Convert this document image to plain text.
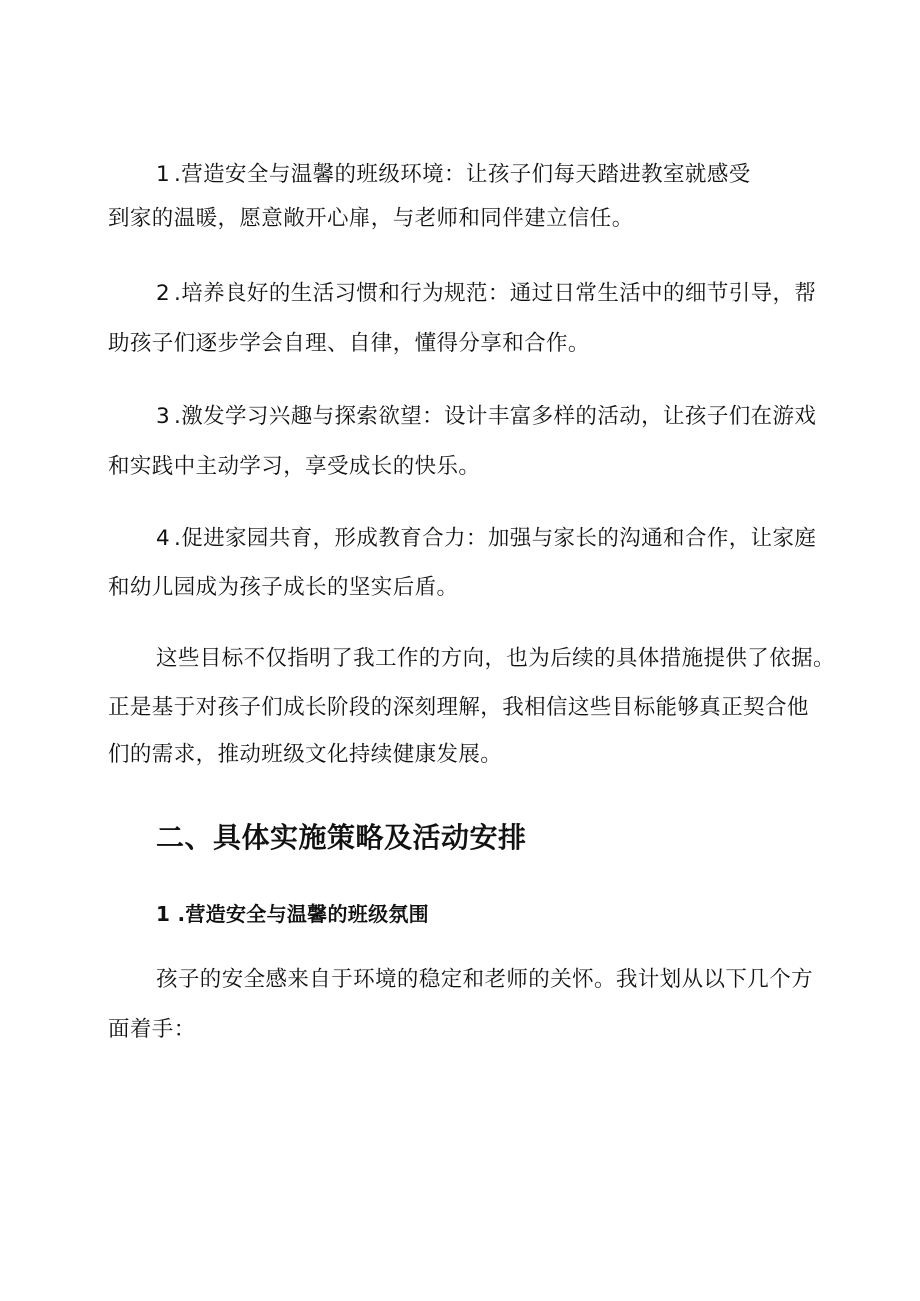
1 .营造安全与温馨的班级环境：让孩子们每天踏进教室就感受
到家的温暖，愿意敞开心扉，与老师和同伴建立信任。
2 .培养良好的生活习惯和行为规范：通过日常生活中的细节引导，帮
助孩子们逐步学会自理、自律，懂得分享和合作。
3 .激发学习兴趣与探索欲望：设计丰富多样的活动，让孩子们在游戏
和实践中主动学习，享受成长的快乐。
4 .促进家园共育，形成教育合力：加强与家长的沟通和合作，让家庭
和幼儿园成为孩子成长的坚实后盾。
这些目标不仅指明了我工作的方向，也为后续的具体措施提供了依据。
正是基于对孩子们成长阶段的深刻理解，我相信这些目标能够真正契合他
们的需求，推动班级文化持续健康发展。
二、具体实施策略及活动安排
1 .营造安全与温馨的班级氛围
孩子的安全感来自于环境的稳定和老师的关怀。我计划从以下几个方
面着手：
